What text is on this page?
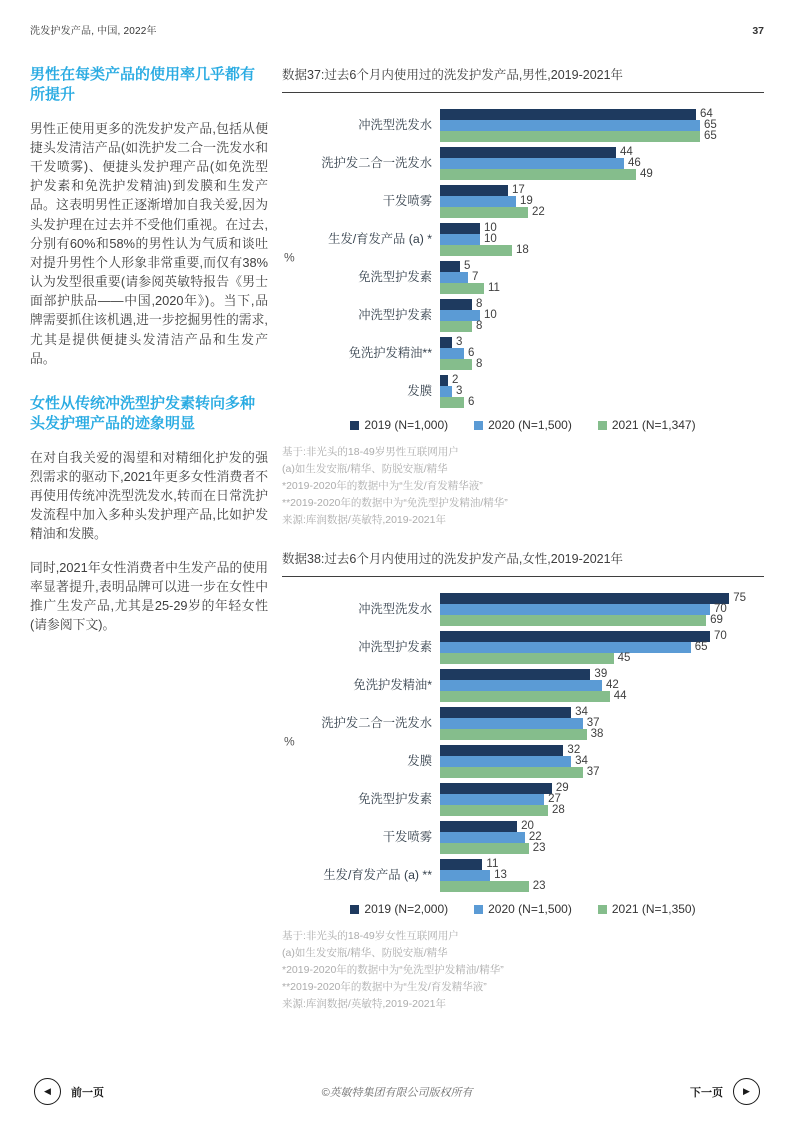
洗发护发产品, 中国, 2022年	37
男性在每类产品的使用率几乎都有所提升

男性正使用更多的洗发护发产品,包括从便捷头发清洁产品(如洗护发二合一洗发水和干发喷雾)、便捷头发护理产品(如免洗型护发素和免洗护发精油)到发膜和生发产品。这表明男性正逐渐增加自我关爱,因为头发护理在过去并不受他们重视。在过去,分别有60%和58%的男性认为气质和谈吐对提升男性个人形象非常重要,而仅有38%认为发型很重要(请参阅英敏特报告《男士面部护肤品——中国,2020年》)。当下,品牌需要抓住该机遇,进一步挖掘男性的需求,尤其是提供便捷头发清洁产品和生发产品。

女性从传统冲洗型护发素转向多种头发护理产品的迹象明显

在对自我关爱的渴望和对精细化护发的强烈需求的驱动下,2021年更多女性消费者不再使用传统冲洗型洗发水,转而在日常洗护发流程中加入多种头发护理产品,比如护发精油和发膜。

同时,2021年女性消费者中生发产品的使用率显著提升,表明品牌可以进一步在女性中推广生发产品,尤其是25-29岁的年轻女性(请参阅下文)。

数据37:过去6个月内使用过的洗发护发产品,男性,2019-2021年
%
冲洗型洗发水
64
65
65
洗护发二合一洗发水
44
46
49
干发喷雾
17
19
22
生发/育发产品 (a) *
10
10
18
免洗型护发素
5
7
11
冲洗型护发素
8
10
8
免洗护发精油**
3
6
8
发膜
2
3
6
2019 (N=1,000)	2020 (N=1,500)	2021 (N=1,347)
基于:非光头的18-49岁男性互联网用户
(a)如生发安瓶/精华、防脱安瓶/精华
*2019-2020年的数据中为“生发/育发精华液”
**2019-2020年的数据中为“免洗型护发精油/精华”
来源:库润数据/英敏特,2019-2021年
数据38:过去6个月内使用过的洗发护发产品,女性,2019-2021年
%
冲洗型洗发水
75
70
69
冲洗型护发素
70
65
45
免洗护发精油*
39
42
44
洗护发二合一洗发水
34
37
38
发膜
32
34
37
免洗型护发素
29
27
28
干发喷雾
20
22
23
生发/育发产品 (a) **
11
13
23
2019 (N=2,000)	2020 (N=1,500)	2021 (N=1,350)
基于:非光头的18-49岁女性互联网用户
(a)如生发安瓶/精华、防脱安瓶/精华
*2019-2020年的数据中为“免洗型护发精油/精华”
**2019-2020年的数据中为“生发/育发精华液”
来源:库润数据/英敏特,2019-2021年
◀	前一页	©英敏特集团有限公司版权所有	下一页	▶
